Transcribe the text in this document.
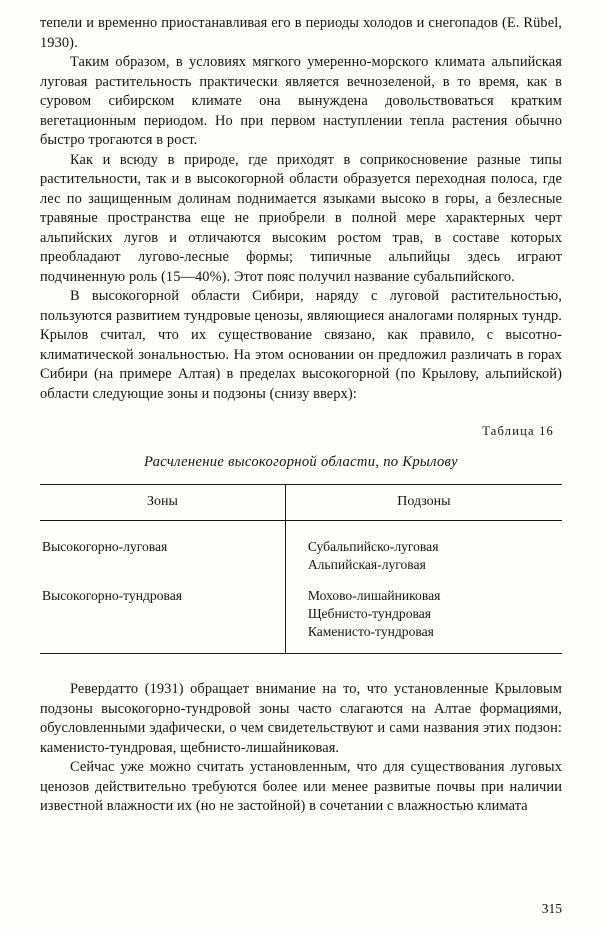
тепели и временно приостанавливая его в периоды холодов и снегопадов (Е. Rübel, 1930).

Таким образом, в условиях мягкого умеренно-морского климата альпийская луговая растительность практически является вечнозеленой, в то время, как в суровом сибирском климате она вынуждена довольствоваться кратким вегетационным периодом. Но при первом наступлении тепла растения обычно быстро трогаются в рост.

Как и всюду в природе, где приходят в соприкосновение разные типы растительности, так и в высокогорной области образуется переходная полоса, где лес по защищенным долинам поднимается языками высоко в горы, а безлесные травяные пространства еще не приобрели в полной мере характерных черт альпийских лугов и отличаются высоким ростом трав, в составе которых преобладают лугово-лесные формы; типичные альпийцы здесь играют подчиненную роль (15—40%). Этот пояс получил название субальпийского.

В высокогорной области Сибири, наряду с луговой растительностью, пользуются развитием тундровые ценозы, являющиеся аналогами полярных тундр. Крылов считал, что их существование связано, как правило, с высотно-климатической зональностью. На этом основании он предложил различать в горах Сибири (на примере Алтая) в пределах высокогорной (по Крылову, альпийской) области следующие зоны и подзоны (снизу вверх):

Таблица 16
Расчленение высокогорной области, по Крылову

Зоны	Подзоны

Высокогорно-луговая	Субальпийско-луговая
Альпийская-луговая

Высокогорно-тундровая	Мохово-лишайниковая
Щебнисто-тундровая
Каменисто-тундровая

Ревердатто (1931) обращает внимание на то, что установленные Крыловым подзоны высокогорно-тундровой зоны часто слагаются на Алтае формациями, обусловленными эдафически, о чем свидетельствуют и сами названия этих подзон: каменисто-тундровая, щебнисто-лишайниковая.

Сейчас уже можно считать установленным, что для существования луговых ценозов действительно требуются более или менее развитые почвы при наличии известной влажности их (но не застойной) в сочетании с влажностью климата

315
